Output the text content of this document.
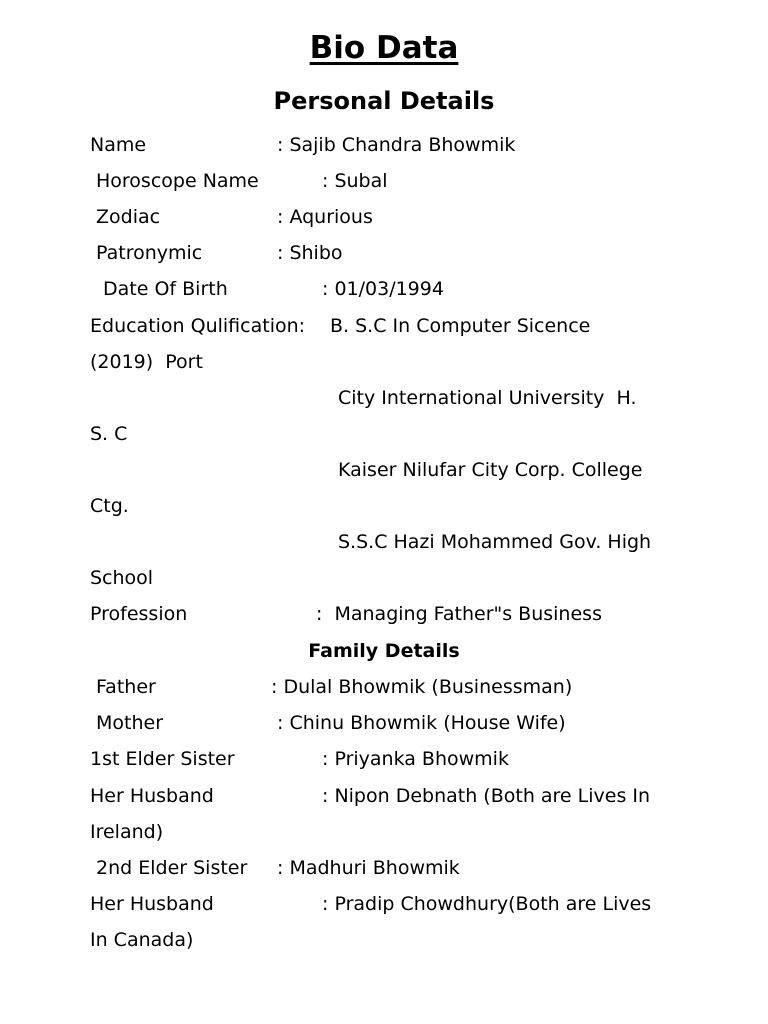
Bio Data
Personal Details
Name	: Sajib Chandra Bhowmik
Horoscope Name	: Subal
Zodiac	: Aqurious
Patronymic	: Shibo
Date Of Birth	: 01/03/1994
Education Qulification: B. S.C In Computer Sicence
(2019)  Port
City International University  H.
S. C
Kaiser Nilufar City Corp. College
Ctg.
S.S.C Hazi Mohammed Gov. High
School
Profession	:  Managing Father"s Business
Family Details
Father	: Dulal Bhowmik (Businessman)
Mother	: Chinu Bhowmik (House Wife)
1st Elder Sister	: Priyanka Bhowmik
Her Husband	: Nipon Debnath (Both are Lives In
Ireland)
2nd Elder Sister : Madhuri Bhowmik
Her Husband	: Pradip Chowdhury(Both are Lives
In Canada)
